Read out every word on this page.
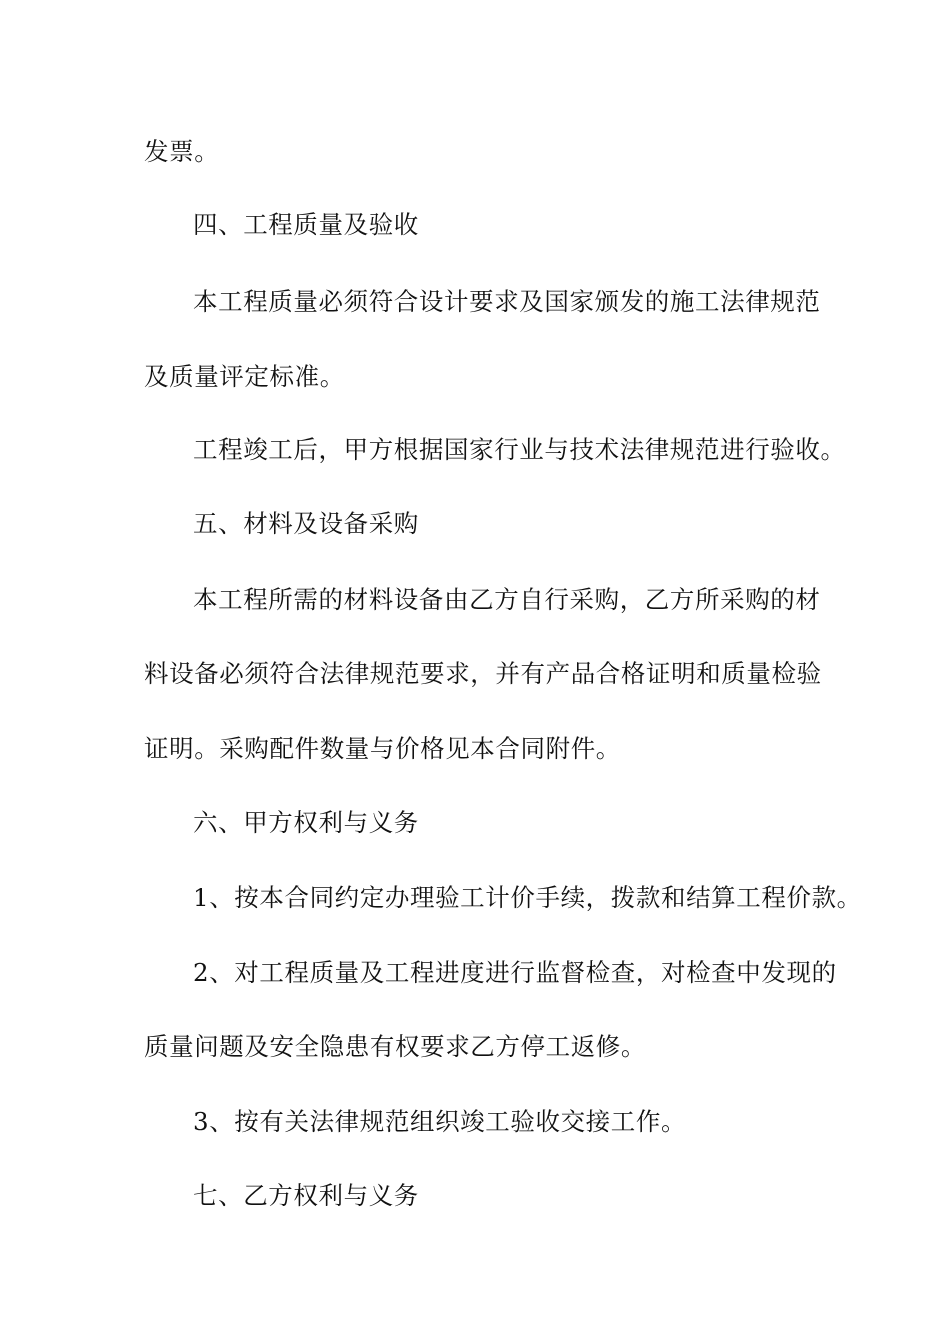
发票。
四、工程质量及验收
本工程质量必须符合设计要求及国家颁发的施工法律规范
及质量评定标准。
工程竣工后，甲方根据国家行业与技术法律规范进行验收。
五、材料及设备采购
本工程所需的材料设备由乙方自行采购，乙方所采购的材
料设备必须符合法律规范要求，并有产品合格证明和质量检验
证明。采购配件数量与价格见本合同附件。
六、甲方权利与义务
1、按本合同约定办理验工计价手续，拨款和结算工程价款。
2、对工程质量及工程进度进行监督检查，对检查中发现的
质量问题及安全隐患有权要求乙方停工返修。
3、按有关法律规范组织竣工验收交接工作。
七、乙方权利与义务
